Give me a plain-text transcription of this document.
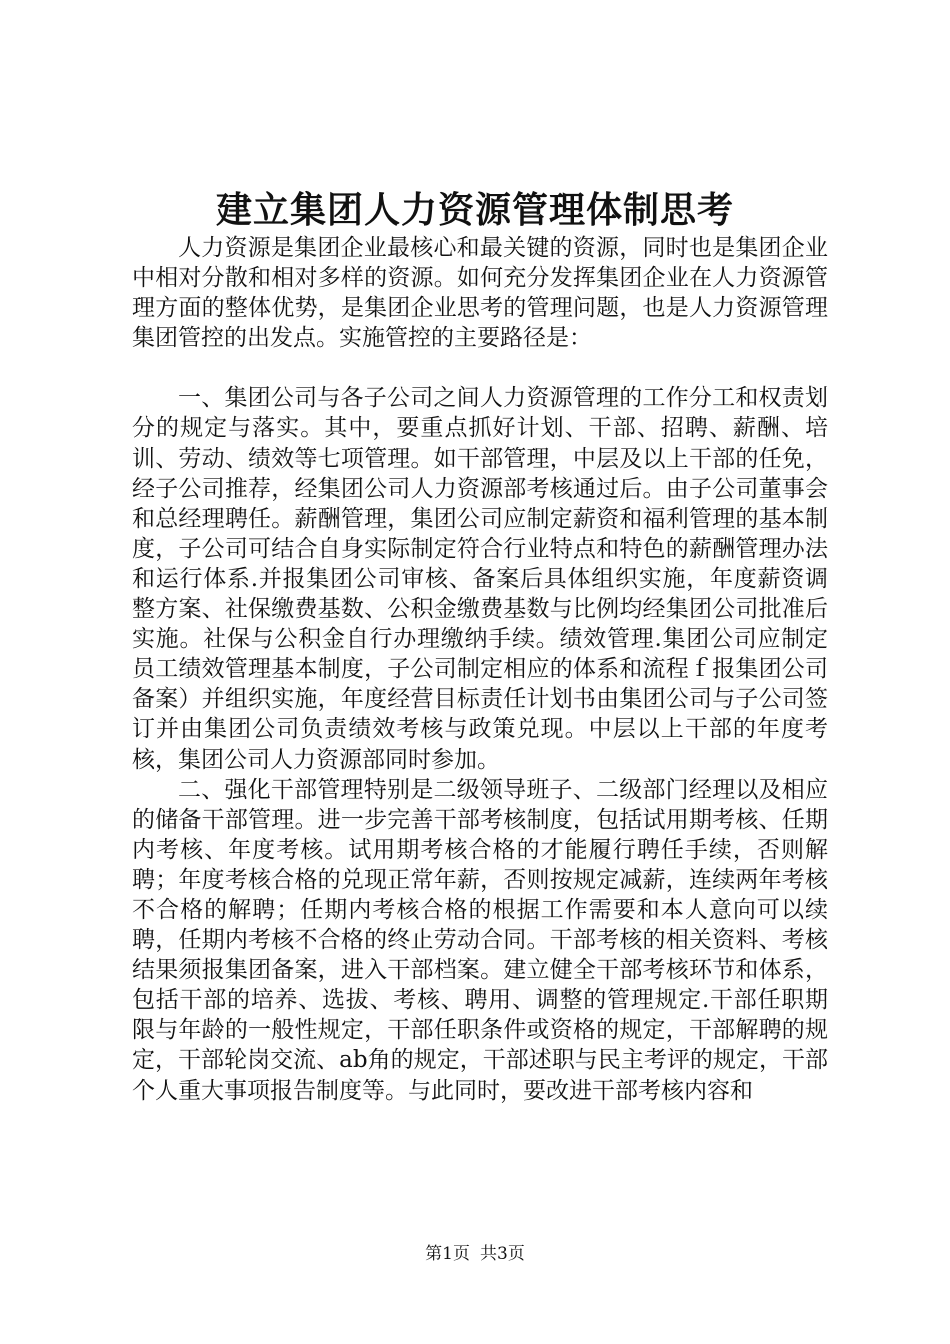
建立集团人力资源管理体制思考

人力资源是集团企业最核心和最关键的资源，同时也是集团企业中相对分散和相对多样的资源。如何充分发挥集团企业在人力资源管理方面的整体优势，是集团企业思考的管理问题，也是人力资源管理集团管控的出发点。实施管控的主要路径是：

一、集团公司与各子公司之间人力资源管理的工作分工和权责划分的规定与落实。其中，要重点抓好计划、干部、招聘、薪酬、培训、劳动、绩效等七项管理。如干部管理，中层及以上干部的任免，经子公司推荐，经集团公司人力资源部考核通过后。由子公司董事会和总经理聘任。薪酬管理，集团公司应制定薪资和福利管理的基本制度，子公司可结合自身实际制定符合行业特点和特色的薪酬管理办法和运行体系.并报集团公司审核、备案后具体组织实施，年度薪资调整方案、社保缴费基数、公积金缴费基数与比例均经集团公司批准后实施。社保与公积金自行办理缴纳手续。绩效管理.集团公司应制定员工绩效管理基本制度，子公司制定相应的体系和流程ｆ报集团公司备案）并组织实施，年度经营目标责任计划书由集团公司与子公司签订并由集团公司负责绩效考核与政策兑现。中层以上干部的年度考核，集团公司人力资源部同时参加。

二、强化干部管理特别是二级领导班子、二级部门经理以及相应的储备干部管理。进一步完善干部考核制度，包括试用期考核、任期内考核、年度考核。试用期考核合格的才能履行聘任手续，否则解聘；年度考核合格的兑现正常年薪，否则按规定减薪，连续两年考核不合格的解聘；任期内考核合格的根据工作需要和本人意向可以续聘，任期内考核不合格的终止劳动合同。干部考核的相关资料、考核结果须报集团备案，进入干部档案。建立健全干部考核环节和体系，包括干部的培养、选拔、考核、聘用、调整的管理规定.干部任职期限与年龄的一般性规定，干部任职条件或资格的规定，干部解聘的规定，干部轮岗交流、ab角的规定，干部述职与民主考评的规定，干部个人重大事项报告制度等。与此同时，要改进干部考核内容和

第1页 共3页
